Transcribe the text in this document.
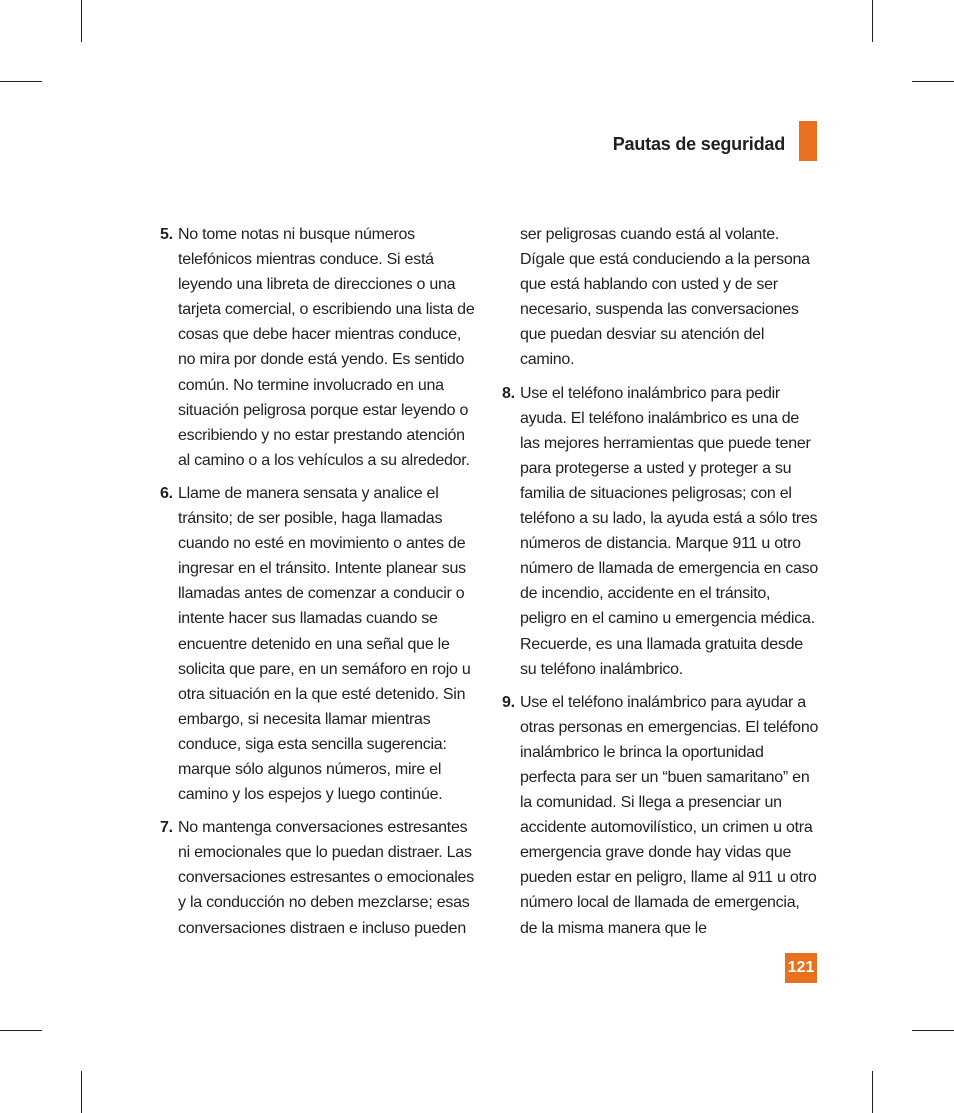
Pautas de seguridad
5. No tome notas ni busque números telefónicos mientras conduce. Si está leyendo una libreta de direcciones o una tarjeta comercial, o escribiendo una lista de cosas que debe hacer mientras conduce, no mira por donde está yendo. Es sentido común. No termine involucrado en una situación peligrosa porque estar leyendo o escribiendo y no estar prestando atención al camino o a los vehículos a su alrededor.

6. Llame de manera sensata y analice el tránsito; de ser posible, haga llamadas cuando no esté en movimiento o antes de ingresar en el tránsito. Intente planear sus llamadas antes de comenzar a conducir o intente hacer sus llamadas cuando se encuentre detenido en una señal que le solicita que pare, en un semáforo en rojo u otra situación en la que esté detenido. Sin embargo, si necesita llamar mientras conduce, siga esta sencilla sugerencia: marque sólo algunos números, mire el camino y los espejos y luego continúe.

7. No mantenga conversaciones estresantes ni emocionales que lo puedan distraer. Las conversaciones estresantes o emocionales y la conducción no deben mezclarse; esas conversaciones distraen e incluso pueden

ser peligrosas cuando está al volante. Dígale que está conduciendo a la persona que está hablando con usted y de ser necesario, suspenda las conversaciones que puedan desviar su atención del camino.

8. Use el teléfono inalámbrico para pedir ayuda. El teléfono inalámbrico es una de las mejores herramientas que puede tener para protegerse a usted y proteger a su familia de situaciones peligrosas; con el teléfono a su lado, la ayuda está a sólo tres números de distancia. Marque 911 u otro número de llamada de emergencia en caso de incendio, accidente en el tránsito, peligro en el camino u emergencia médica. Recuerde, es una llamada gratuita desde su teléfono inalámbrico.

9. Use el teléfono inalámbrico para ayudar a otras personas en emergencias. El teléfono inalámbrico le brinca la oportunidad perfecta para ser un “buen samaritano” en la comunidad. Si llega a presenciar un accidente automovilístico, un crimen u otra emergencia grave donde hay vidas que pueden estar en peligro, llame al 911 u otro número local de llamada de emergencia, de la misma manera que le

121
